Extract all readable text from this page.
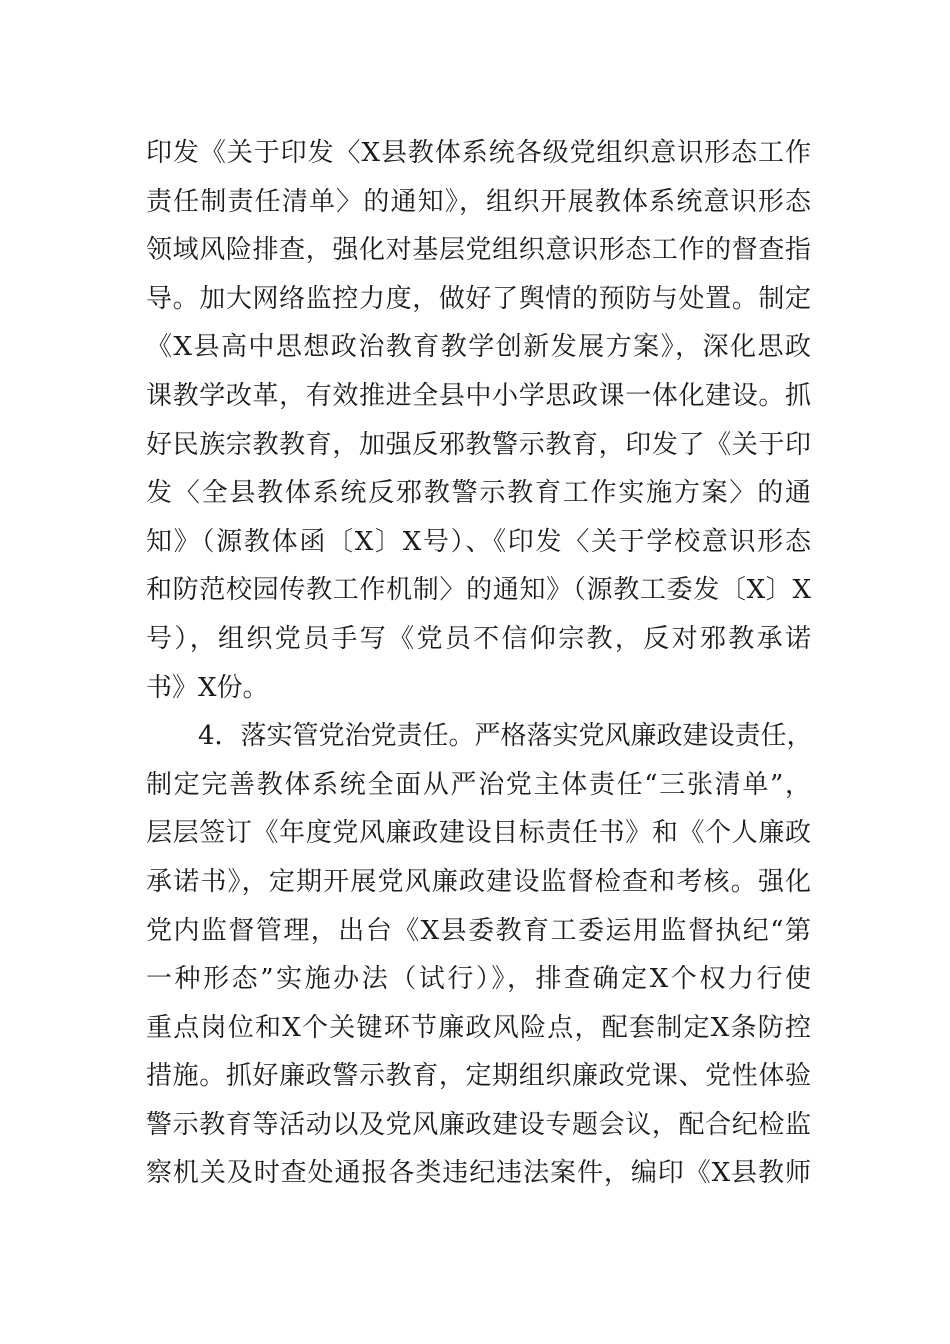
印发《关于印发〈X县教体系统各级党组织意识形态工作
责任制责任清单〉的通知》，组织开展教体系统意识形态
领域风险排查，强化对基层党组织意识形态工作的督查指
导。加大网络监控力度，做好了舆情的预防与处置。制定
《X县高中思想政治教育教学创新发展方案》，深化思政
课教学改革，有效推进全县中小学思政课一体化建设。抓
好民族宗教教育，加强反邪教警示教育，印发了《关于印
发〈全县教体系统反邪教警示教育工作实施方案〉的通
知》（源教体函〔X〕X号）、《印发〈关于学校意识形态
和防范校园传教工作机制〉的通知》（源教工委发〔X〕X
号），组织党员手写《党员不信仰宗教，反对邪教承诺
书》X份。
4．落实管党治党责任。严格落实党风廉政建设责任，
制定完善教体系统全面从严治党主体责任“三张清单”，
层层签订《年度党风廉政建设目标责任书》和《个人廉政
承诺书》，定期开展党风廉政建设监督检查和考核。强化
党内监督管理，出台《X县委教育工委运用监督执纪“第
一种形态”实施办法（试行）》，排查确定X个权力行使
重点岗位和X个关键环节廉政风险点，配套制定X条防控
措施。抓好廉政警示教育，定期组织廉政党课、党性体验
警示教育等活动以及党风廉政建设专题会议，配合纪检监
察机关及时查处通报各类违纪违法案件，编印《X县教师
